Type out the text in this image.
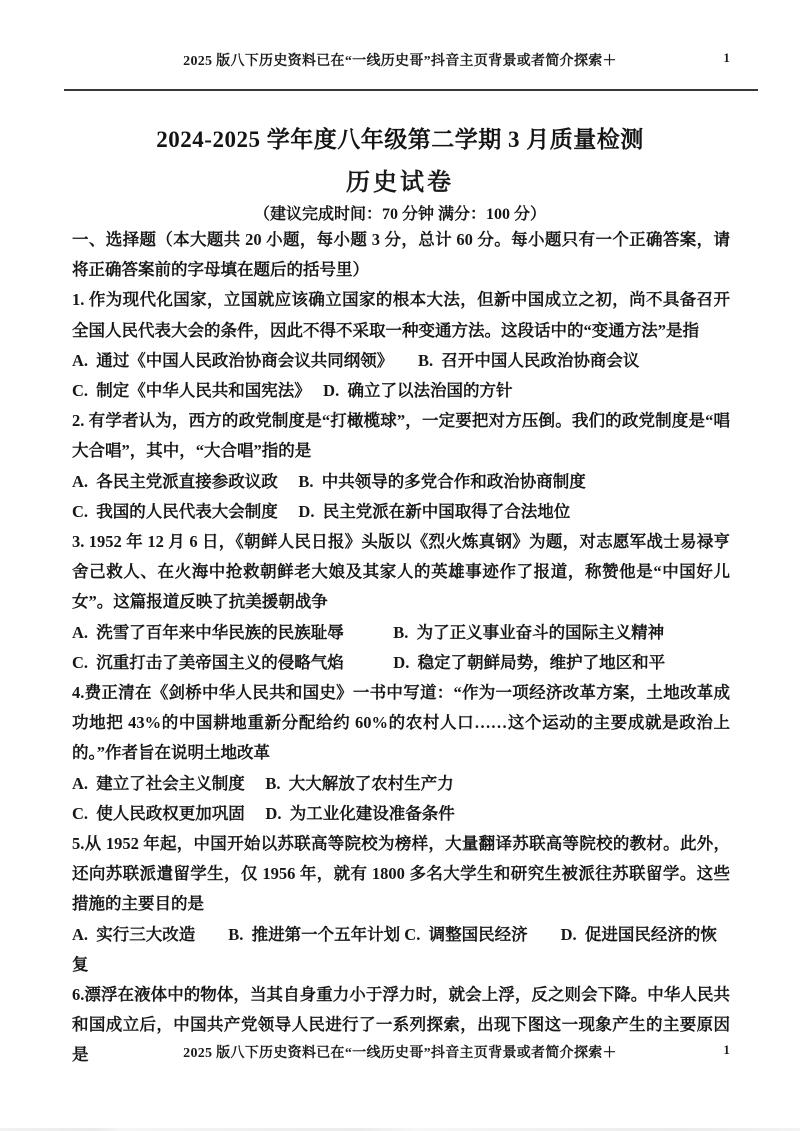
2025 版八下历史资料已在“一线历史哥”抖音主页背景或者简介探索＋	1
2024-2025 学年度八年级第二学期 3 月质量检测
历史试卷

（建议完成时间：70 分钟 满分：100 分）

一、选择题（本大题共 20 小题，每小题 3 分，总计 60 分。每小题只有一个正确答案，请将正确答案前的字母填在题后的括号里）

1. 作为现代化国家，立国就应该确立国家的根本大法，但新中国成立之初，尚不具备召开全国人民代表大会的条件，因此不得不采取一种变通方法。这段话中的“变通方法”是指

A.  通过《中国人民政治协商会议共同纲领》　　B.  召开中国人民政治协商会议

C.  制定《中华人民共和国宪法》　 D.  确立了以法治国的方针

2. 有学者认为，西方的政党制度是“打橄榄球”，一定要把对方压倒。我们的政党制度是“唱大合唱”，其中，“大合唱”指的是

A.  各民主党派直接参政议政　 B.  中共领导的多党合作和政治协商制度

C.  我国的人民代表大会制度　 D.  民主党派在新中国取得了合法地位

3. 1952 年 12 月 6 日，《朝鲜人民日报》头版以《烈火炼真钢》为题，对志愿军战士易禄亨舍己救人、在火海中抢救朝鲜老大娘及其家人的英雄事迹作了报道，称赞他是“中国好儿女”。这篇报道反映了抗美援朝战争

A.  洗雪了百年来中华民族的民族耻辱　　　B.  为了正义事业奋斗的国际主义精神

C.  沉重打击了美帝国主义的侵略气焰　　　D.  稳定了朝鲜局势，维护了地区和平

4.费正清在《剑桥中华人民共和国史》一书中写道：“作为一项经济改革方案，土地改革成功地把 43%的中国耕地重新分配给约 60%的农村人口……这个运动的主要成就是政治上的。”作者旨在说明土地改革

A.  建立了社会主义制度　 B.  大大解放了农村生产力

C.  使人民政权更加巩固　 D.  为工业化建设准备条件

5.从 1952 年起，中国开始以苏联高等院校为榜样，大量翻译苏联高等院校的教材。此外，还向苏联派遣留学生，仅 1956 年，就有 1800 多名大学生和研究生被派往苏联留学。这些措施的主要目的是

A.  实行三大改造　　B.  推进第一个五年计划 C.  调整国民经济　　D.  促进国民经济的恢复

6.漂浮在液体中的物体，当其自身重力小于浮力时，就会上浮，反之则会下降。中华人民共和国成立后，中国共产党领导人民进行了一系列探索，出现下图这一现象产生的主要原因是	2025 版八下历史资料已在“一线历史哥”抖音主页背景或者简介探索＋	1
